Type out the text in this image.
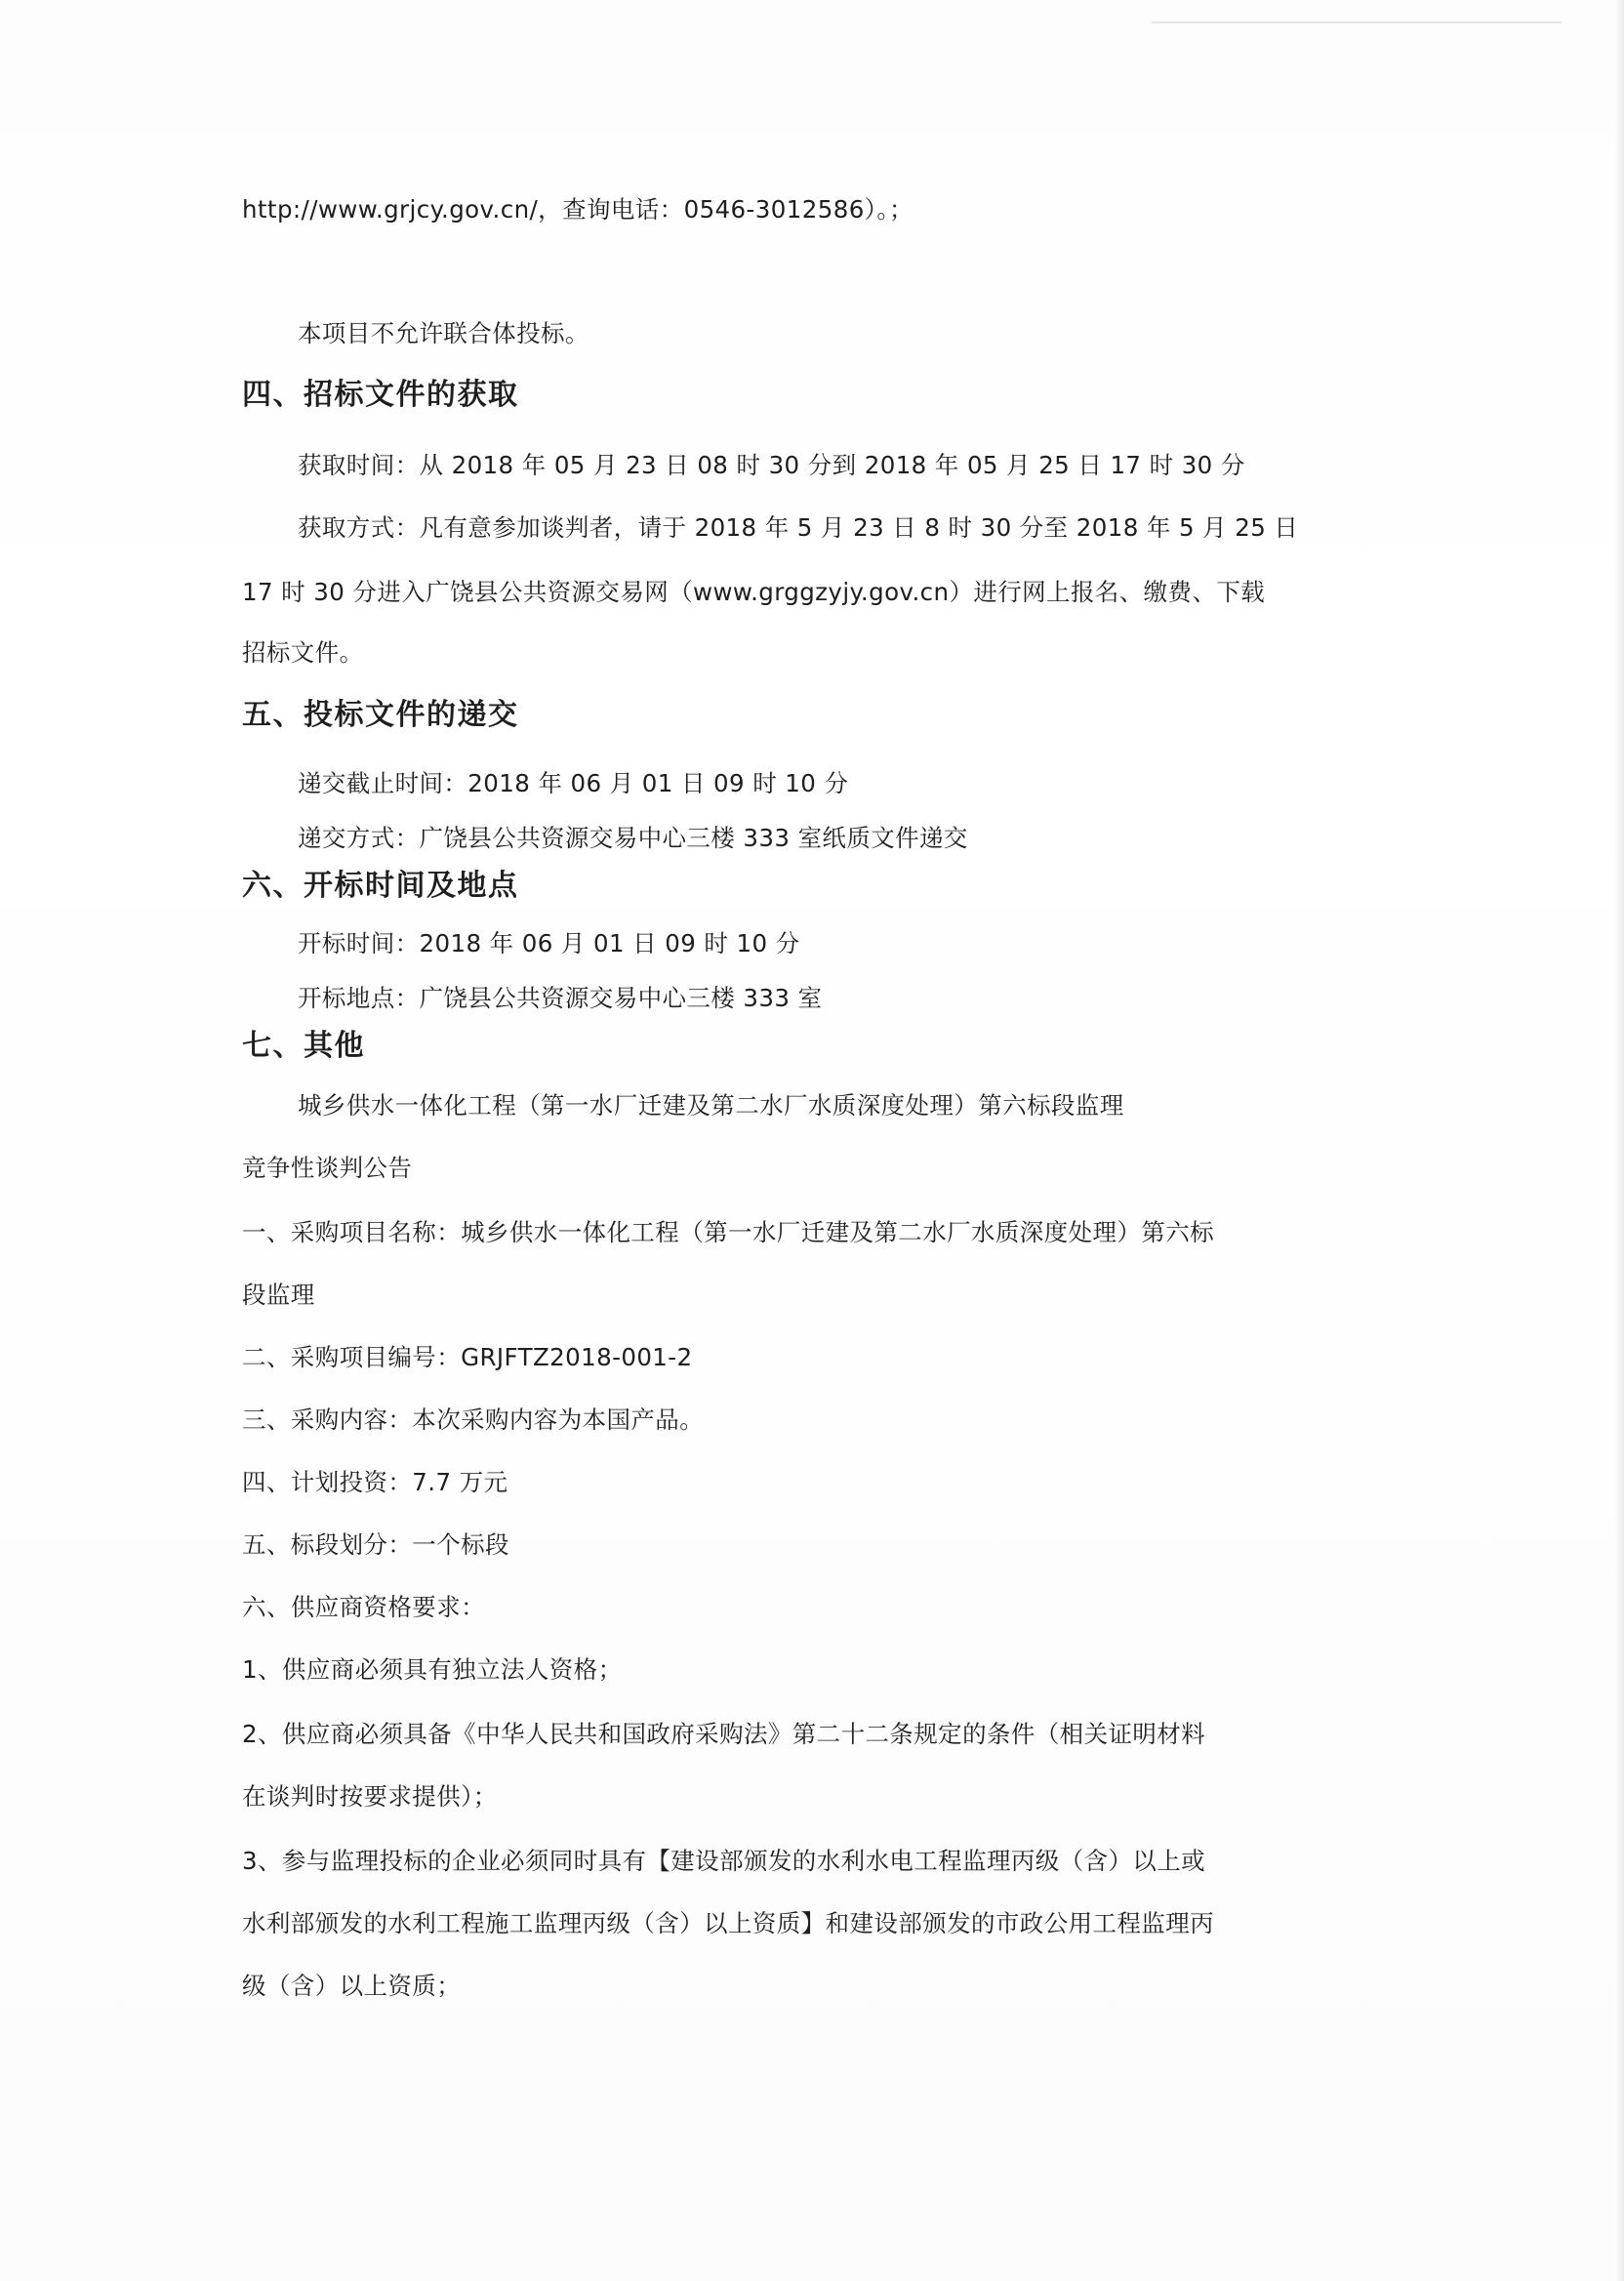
http://www.grjcy.gov.cn/，查询电话：0546-3012586）。；
本项目不允许联合体投标。
四、招标文件的获取
获取时间：从 2018 年 05 月 23 日 08 时 30 分到 2018 年 05 月 25 日 17 时 30 分
获取方式：凡有意参加谈判者，请于 2018 年 5 月 23 日 8 时 30 分至 2018 年 5 月 25 日
17 时 30 分进入广饶县公共资源交易网（www.grggzyjy.gov.cn）进行网上报名、缴费、下载
招标文件。
五、投标文件的递交
递交截止时间：2018 年 06 月 01 日 09 时 10 分
递交方式：广饶县公共资源交易中心三楼 333 室纸质文件递交
六、开标时间及地点
开标时间：2018 年 06 月 01 日 09 时 10 分
开标地点：广饶县公共资源交易中心三楼 333 室
七、其他
城乡供水一体化工程（第一水厂迁建及第二水厂水质深度处理）第六标段监理
竞争性谈判公告
一、采购项目名称：城乡供水一体化工程（第一水厂迁建及第二水厂水质深度处理）第六标
段监理
二、采购项目编号：GRJFTZ2018-001-2
三、采购内容：本次采购内容为本国产品。
四、计划投资：7.7 万元
五、标段划分：一个标段
六、供应商资格要求：
1、供应商必须具有独立法人资格；
2、供应商必须具备《中华人民共和国政府采购法》第二十二条规定的条件（相关证明材料
在谈判时按要求提供）；
3、参与监理投标的企业必须同时具有【建设部颁发的水利水电工程监理丙级（含）以上或
水利部颁发的水利工程施工监理丙级（含）以上资质】和建设部颁发的市政公用工程监理丙
级（含）以上资质；
